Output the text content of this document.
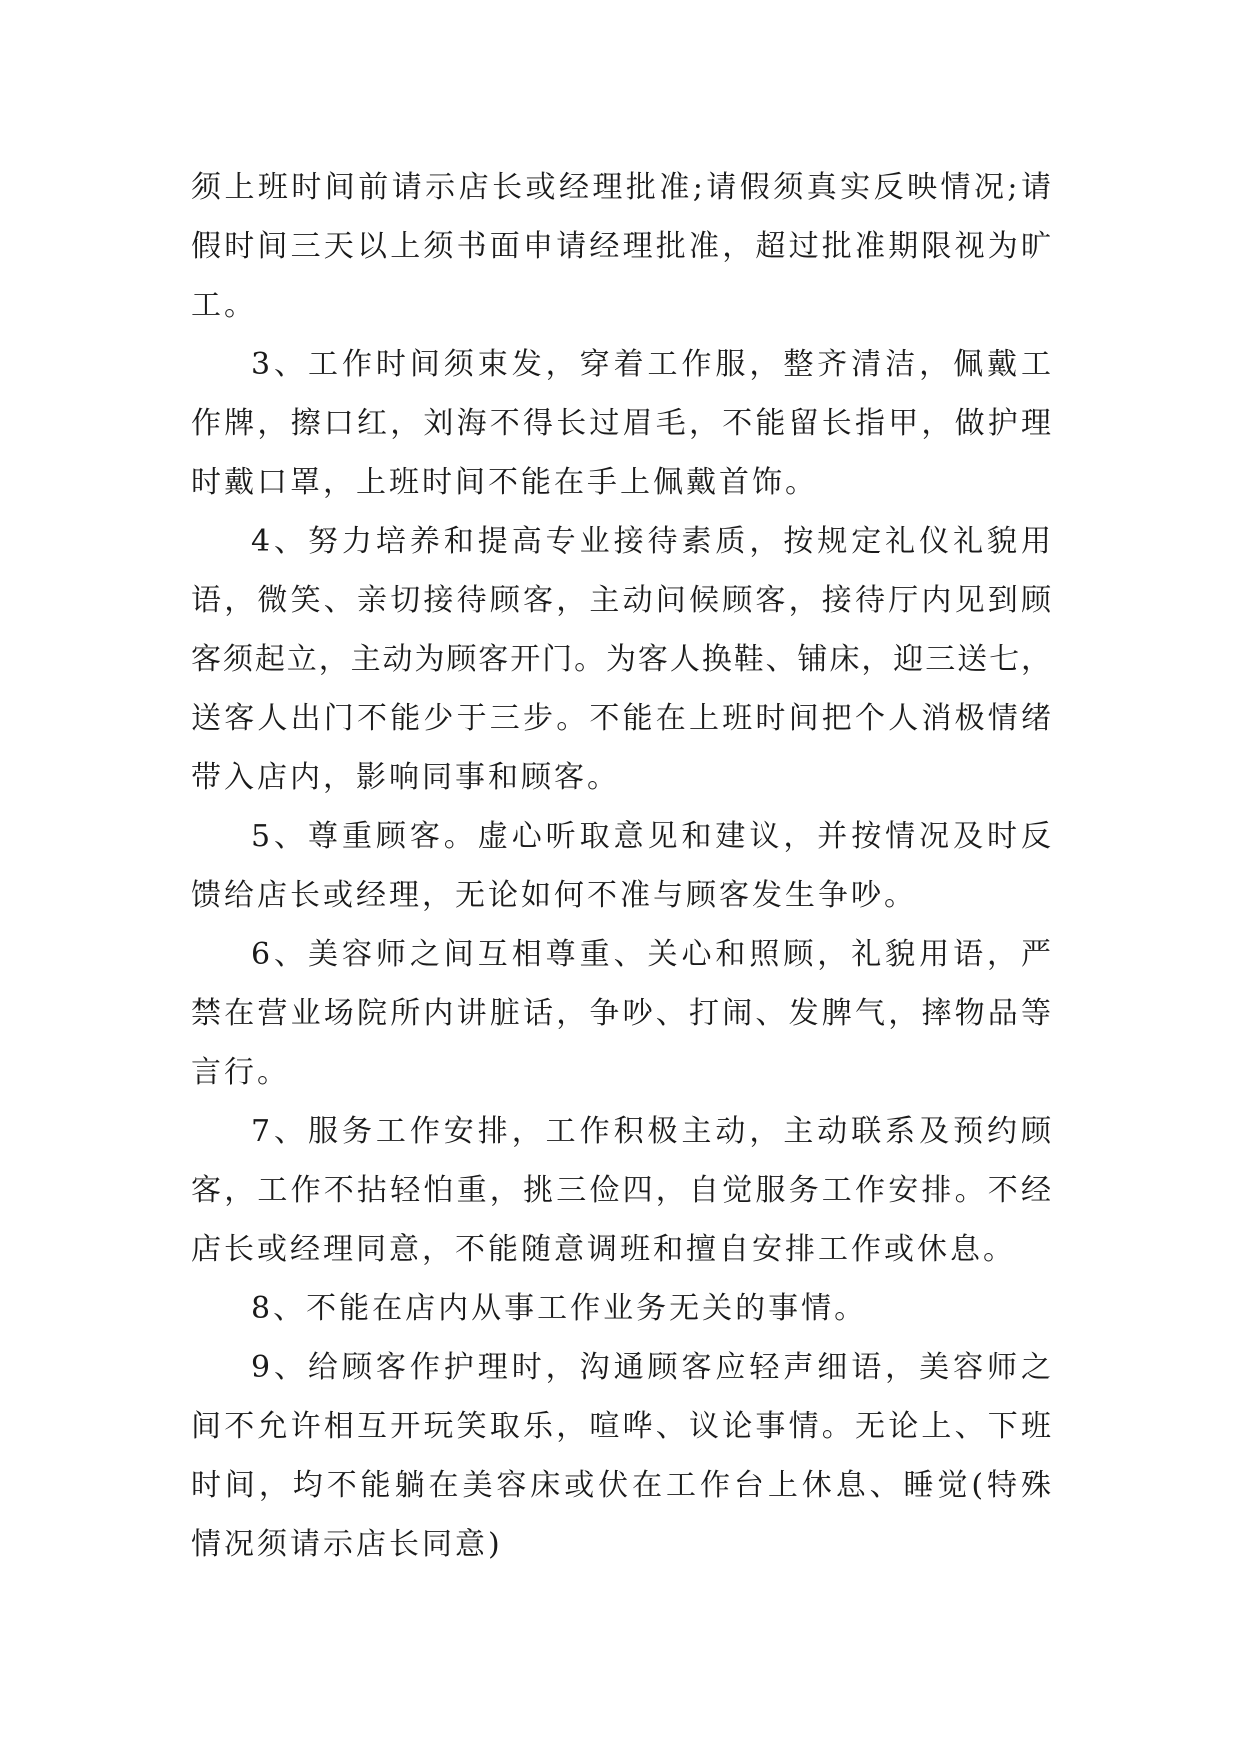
须上班时间前请示店长或经理批准;请假须真实反映情况;请
假时间三天以上须书面申请经理批准，超过批准期限视为旷
工。
3、工作时间须束发，穿着工作服，整齐清洁，佩戴工
作牌，擦口红，刘海不得长过眉毛，不能留长指甲，做护理
时戴口罩，上班时间不能在手上佩戴首饰。
4、努力培养和提高专业接待素质，按规定礼仪礼貌用
语，微笑、亲切接待顾客，主动问候顾客，接待厅内见到顾
客须起立，主动为顾客开门。为客人换鞋、铺床，迎三送七，
送客人出门不能少于三步。不能在上班时间把个人消极情绪
带入店内，影响同事和顾客。
5、尊重顾客。虚心听取意见和建议，并按情况及时反
馈给店长或经理，无论如何不准与顾客发生争吵。
6、美容师之间互相尊重、关心和照顾，礼貌用语，严
禁在营业场院所内讲脏话，争吵、打闹、发脾气，摔物品等
言行。
7、服务工作安排，工作积极主动，主动联系及预约顾
客，工作不拈轻怕重，挑三俭四，自觉服务工作安排。不经
店长或经理同意，不能随意调班和擅自安排工作或休息。
8、不能在店内从事工作业务无关的事情。
9、给顾客作护理时，沟通顾客应轻声细语，美容师之
间不允许相互开玩笑取乐，喧哗、议论事情。无论上、下班
时间，均不能躺在美容床或伏在工作台上休息、睡觉(特殊
情况须请示店长同意)
